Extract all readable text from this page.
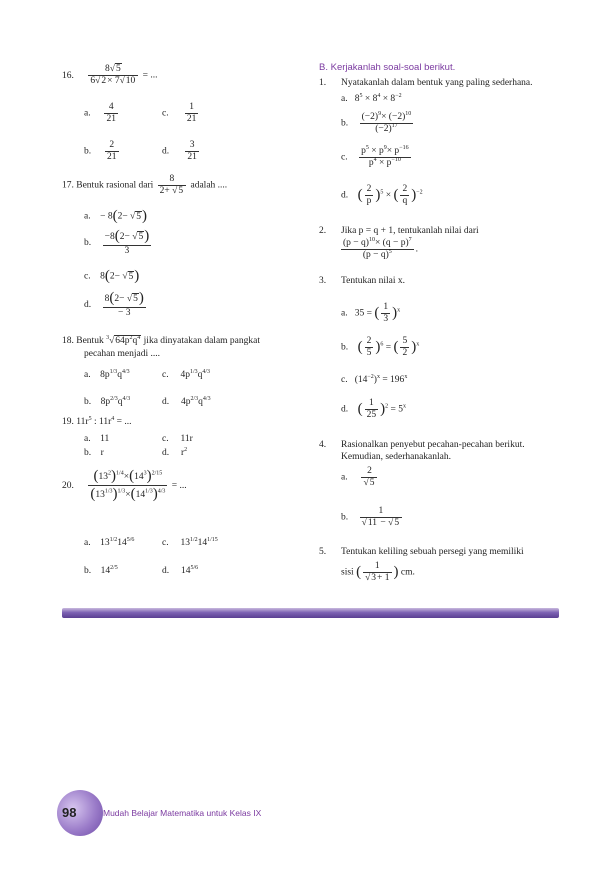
16. $\frac{8√5}{6√2\times 7√10}$ = ...
a. $\frac{4}{21}$	c. $\frac{1}{21}$
b. $\frac{2}{21}$	d. $\frac{3}{21}$
17. Bentuk rasional dari $\frac{8}{2+ √5}$ adalah ....
a.    − 8(2− √5)
b. $\frac{-8(2- √5)}{3}$
c.    8(2− √5)
d. $\frac{8(2- √5)}{- 3}$
18. Bentuk $^3√64p^2q^4$ jika dinyatakan dalam pangkat
pecahan menjadi ....
a.    $8p^{1/3}q^{4/3}$	c.     $4p^{1/3}q^{4/3}$
b.    $8p^{2/3}q^{4/3}$	d.     $4p^{2/3}q^{4/3}$
19. $11r^5$ : $11r^4$ = ...
a. 11	c. 11r
b. r	d. $r^2$
20. $\frac{(13^2)^{1/4}\times(14^3)^{2/15}}{(13^{1/3})^{1/3}\times(14^{1/3})^{4/3}}$ = ...
a.    $13^{1/2}14^{5/6}$	c.     $13^{1/2}14^{1/15}$
b.    $14^{2/5}$	d.     $14^{5/6}$
B. Kerjakanlah soal-soal berikut.
1. Nyatakanlah dalam bentuk yang paling sederhana.
a.   $8^5 \times 8^4 \times 8^{-2}$
b. $\frac{(-2)^9\times (-2)^{10}}{(-2)^{17}}$
c. $\frac{p^5 \times p^9\times p^{-16}}{p^4 \times p^{-10}}$
d. ( $\frac{2}{p} )^5$ × ( $\frac{2}{q} )^{-2}$
2. Jika p = q + 1, tentukanlah nilai dari
$\frac{(p - q)^{10}\times (q - p)^7}{(p - q)^5}$ .
3. Tentukan nilai x.
a.   35 = ( $\frac{1}{3} )^x$
b. ( $\frac{2}{5} )^6$ = ( $\frac{5}{2} )^x$
c.   $(14^{-2})^x = 196^x$
d. ( $\frac{1}{25} )^2 = 5^x$
4. Rasionalkan penyebut pecahan-pecahan berikut.
Kemudian, sederhanakanlah.
a. $\frac{2}{√5}$
b. $\frac{1}{√11 - √5}$
5. Tentukan keliling sebuah persegi yang memiliki
sisi ( $\frac{1}{√3+ 1}$ ) cm.
98	Mudah Belajar Matematika untuk Kelas IX
